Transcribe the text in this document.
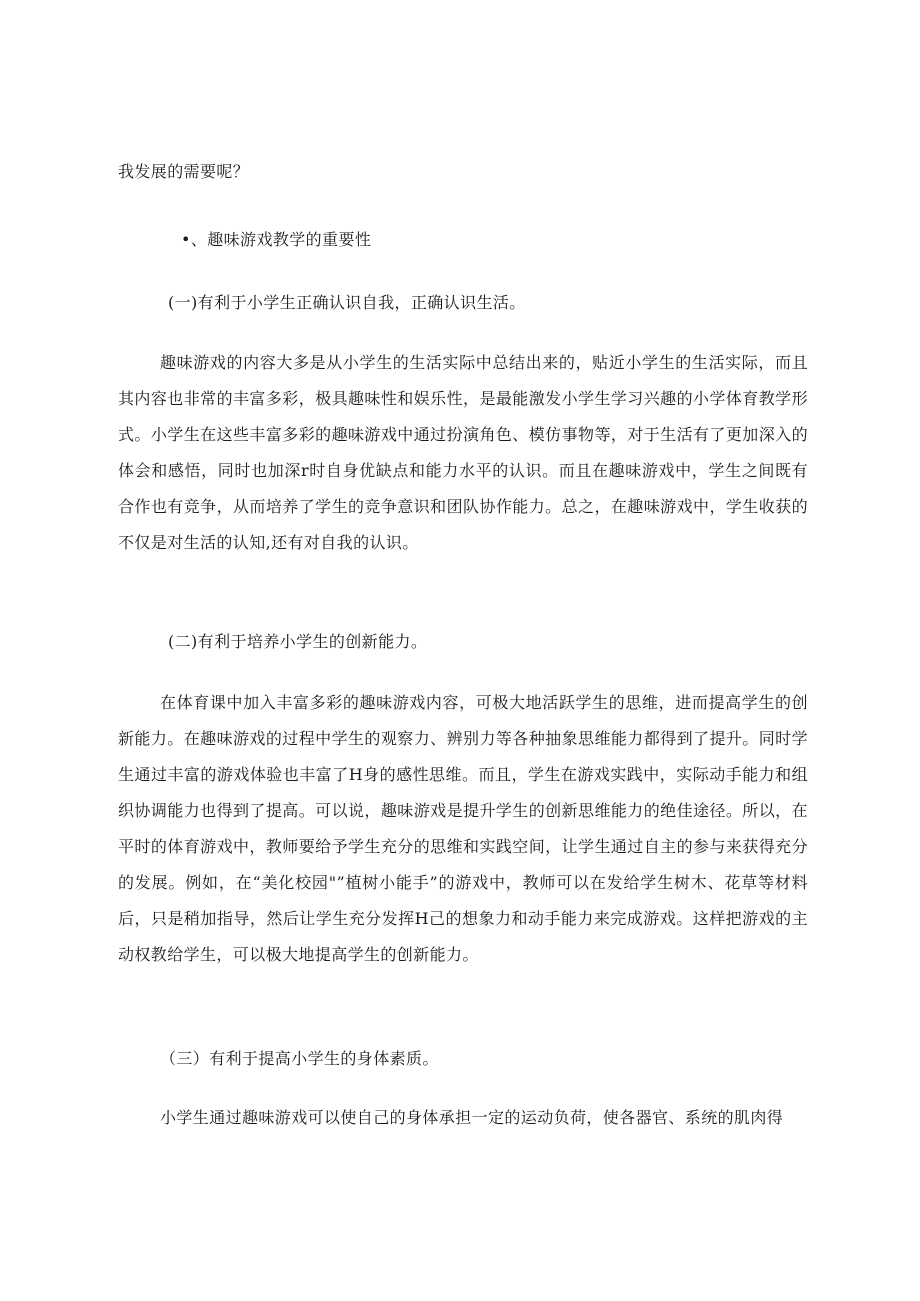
我发展的需要呢？
•、趣味游戏教学的重要性
(一)有利于小学生正确认识自我，正确认识生活。
趣味游戏的内容大多是从小学生的生活实际中总结出来的，贴近小学生的生活实际，而且其内容也非常的丰富多彩，极具趣味性和娱乐性，是最能激发小学生学习兴趣的小学体育教学形式。小学生在这些丰富多彩的趣味游戏中通过扮演角色、模仿事物等，对于生活有了更加深入的体会和感悟，同时也加深r时自身优缺点和能力水平的认识。而且在趣味游戏中，学生之间既有合作也有竞争，从而培养了学生的竞争意识和团队协作能力。总之，在趣味游戏中，学生收获的不仅是对生活的认知,还有对自我的认识。
(二)有利于培养小学生的创新能力。
在体育课中加入丰富多彩的趣味游戏内容，可极大地活跃学生的思维，进而提高学生的创新能力。在趣味游戏的过程中学生的观察力、辨别力等各种抽象思维能力都得到了提升。同时学生通过丰富的游戏体验也丰富了H身的感性思维。而且，学生在游戏实践中，实际动手能力和组织协调能力也得到了提高。可以说，趣味游戏是提升学生的创新思维能力的绝佳途径。所以，在平时的体育游戏中，教师要给予学生充分的思维和实践空间，让学生通过自主的参与来获得充分的发展。例如，在“美化校园"”植树小能手”的游戏中，教师可以在发给学生树木、花草等材料后，只是稍加指导，然后让学生充分发挥H己的想象力和动手能力来完成游戏。这样把游戏的主动权教给学生，可以极大地提高学生的创新能力。
（三）有利于提高小学生的身体素质。
小学生通过趣味游戏可以使自己的身体承担一定的运动负荷，使各器官、系统的肌肉得
